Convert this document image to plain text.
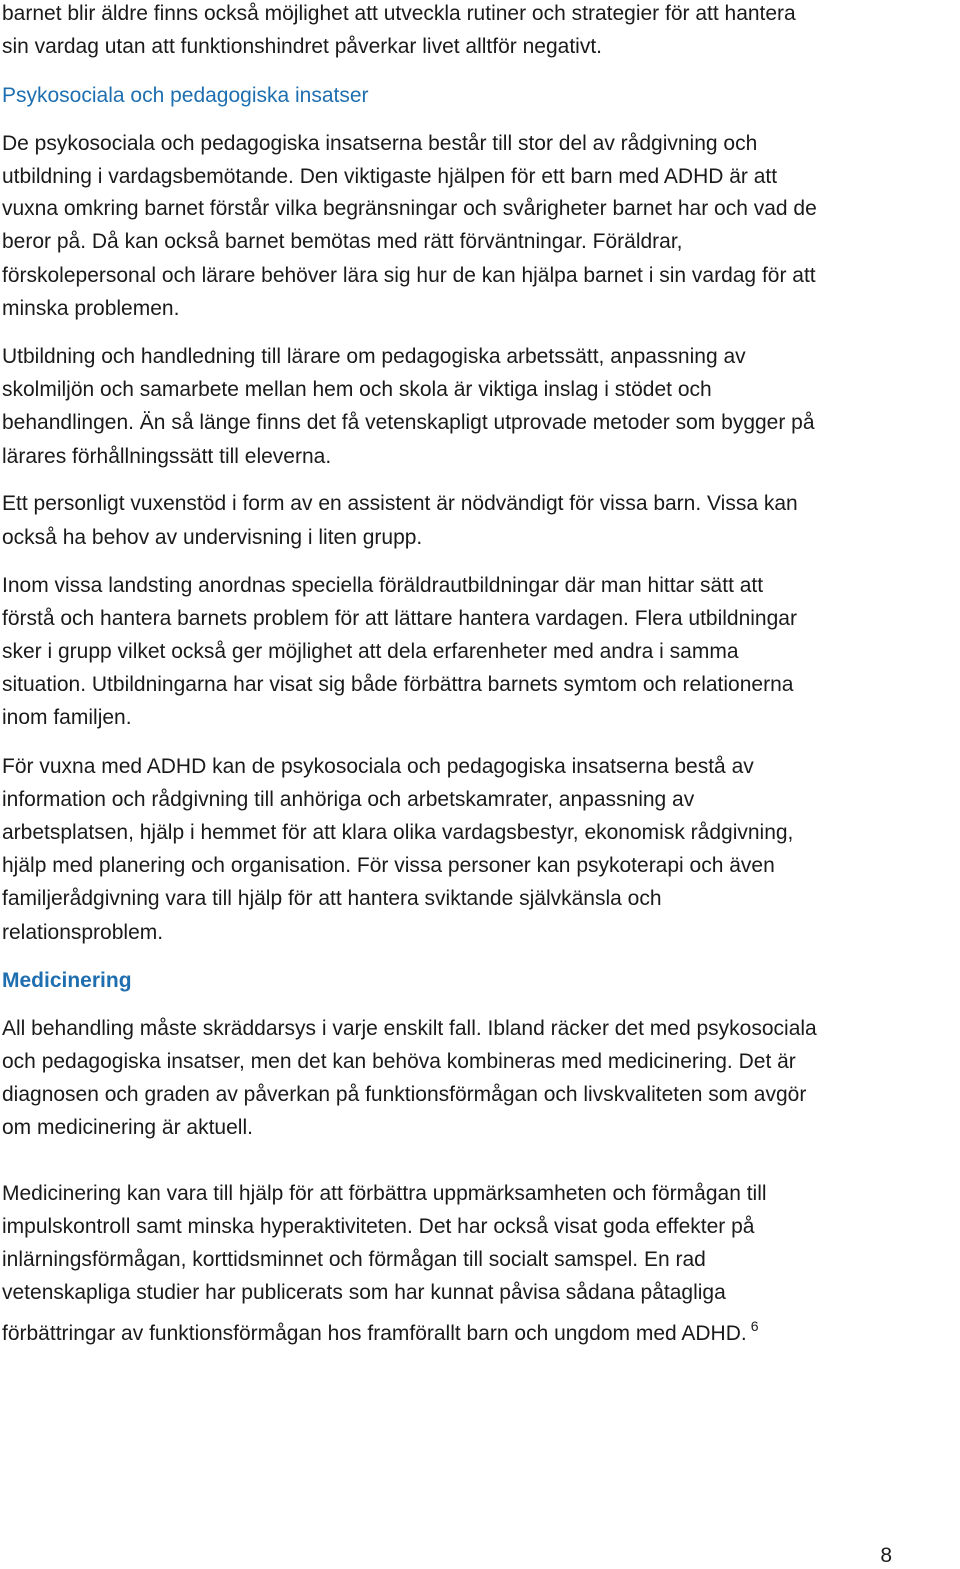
barnet blir äldre finns också möjlighet att utveckla rutiner och strategier för att hantera
sin vardag utan att funktionshindret påverkar livet alltför negativt.
Psykosociala och pedagogiska insatser
De psykosociala och pedagogiska insatserna består till stor del av rådgivning och
utbildning i vardagsbemötande. Den viktigaste hjälpen för ett barn med ADHD är att
vuxna omkring barnet förstår vilka begränsningar och svårigheter barnet har och vad de
beror på. Då kan också barnet bemötas med rätt förväntningar. Föräldrar,
förskolepersonal och lärare behöver lära sig hur de kan hjälpa barnet i sin vardag för att
minska problemen.
Utbildning och handledning till lärare om pedagogiska arbetssätt, anpassning av
skolmiljön och samarbete mellan hem och skola är viktiga inslag i stödet och
behandlingen. Än så länge finns det få vetenskapligt utprovade metoder som bygger på
lärares förhållningssätt till eleverna.
Ett personligt vuxenstöd i form av en assistent är nödvändigt för vissa barn. Vissa kan
också ha behov av undervisning i liten grupp.
Inom vissa landsting anordnas speciella föräldrautbildningar där man hittar sätt att
förstå och hantera barnets problem för att lättare hantera vardagen. Flera utbildningar
sker i grupp vilket också ger möjlighet att dela erfarenheter med andra i samma
situation. Utbildningarna har visat sig både förbättra barnets symtom och relationerna
inom familjen.
För vuxna med ADHD kan de psykosociala och pedagogiska insatserna bestå av
information och rådgivning till anhöriga och arbetskamrater, anpassning av
arbetsplatsen, hjälp i hemmet för att klara olika vardagsbestyr, ekonomisk rådgivning,
hjälp med planering och organisation. För vissa personer kan psykoterapi och även
familjerådgivning vara till hjälp för att hantera sviktande självkänsla och
relationsproblem.
Medicinering
All behandling måste skräddarsys i varje enskilt fall. Ibland räcker det med psykosociala
och pedagogiska insatser, men det kan behöva kombineras med medicinering. Det är
diagnosen och graden av påverkan på funktionsförmågan och livskvaliteten som avgör
om medicinering är aktuell.
Medicinering kan vara till hjälp för att förbättra uppmärksamheten och förmågan till
impulskontroll samt minska hyperaktiviteten. Det har också visat goda effekter på
inlärningsförmågan, korttidsminnet och förmågan till socialt samspel. En rad
vetenskapliga studier har publicerats som har kunnat påvisa sådana påtagliga
förbättringar av funktionsförmågan hos framförallt barn och ungdom med ADHD. $^6$
8
